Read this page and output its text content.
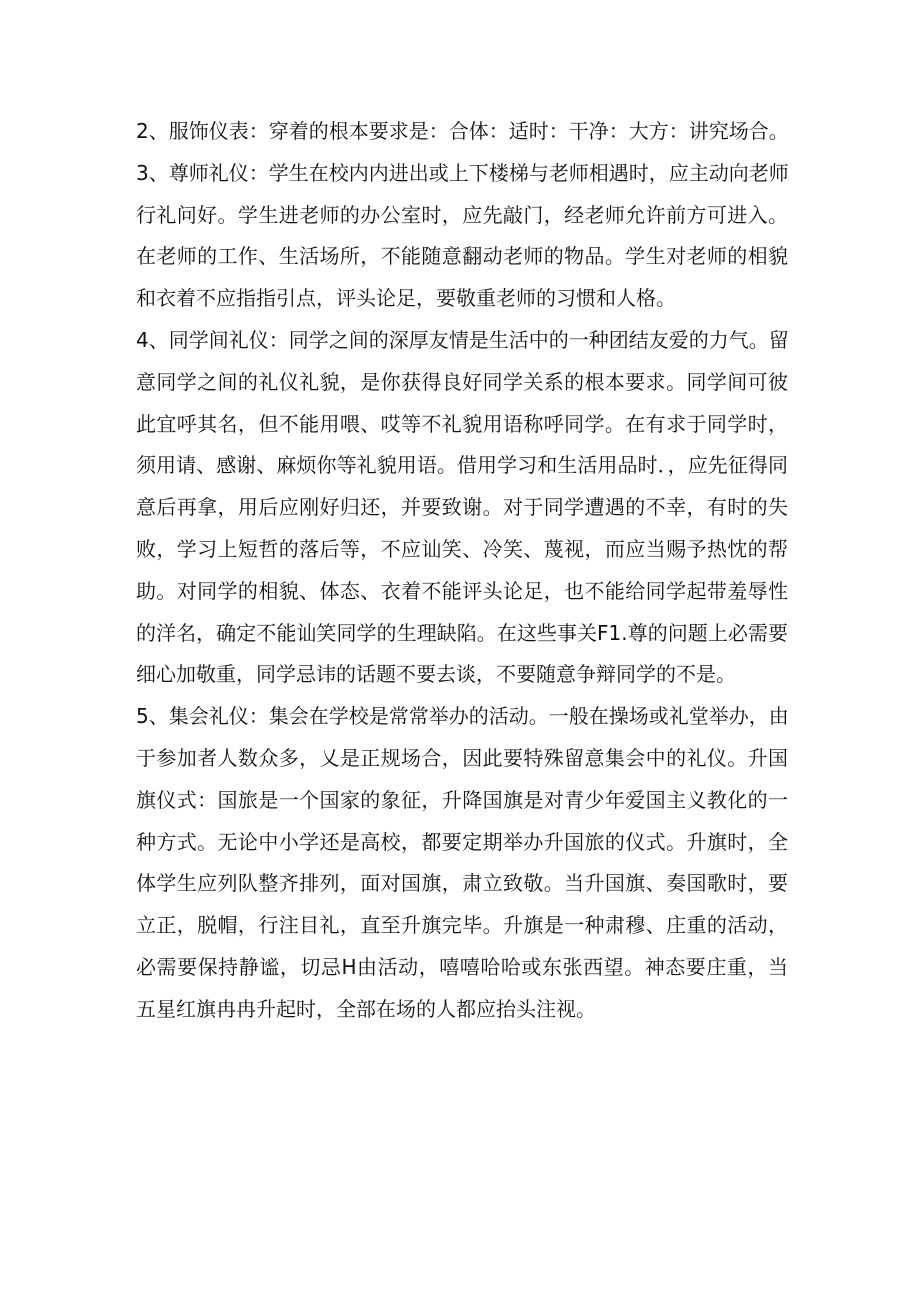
2、服饰仪表：穿着的根本要求是：合体：适时：干净：大方：讲究场合。
3、尊师礼仪：学生在校内内进出或上下楼梯与老师相遇时，应主动向老师
行礼问好。学生进老师的办公室时，应先敲门，经老师允许前方可进入。
在老师的工作、生活场所，不能随意翻动老师的物品。学生对老师的相貌
和衣着不应指指引点，评头论足，要敬重老师的习惯和人格。
4、同学间礼仪：同学之间的深厚友情是生活中的一种团结友爱的力气。留
意同学之间的礼仪礼貌，是你获得良好同学关系的根本要求。同学间可彼
此宜呼其名，但不能用喂、哎等不礼貌用语称呼同学。在有求于同学时，
须用请、感谢、麻烦你等礼貌用语。借用学习和生活用品时．，应先征得同
意后再拿，用后应刚好归还，并要致谢。对于同学遭遇的不幸，有时的失
败，学习上短哲的落后等，不应讪笑、冷笑、蔑视，而应当赐予热忱的帮
助。对同学的相貌、体态、衣着不能评头论足，也不能给同学起带羞辱性
的洋名，确定不能讪笑同学的生理缺陷。在这些事关F1.尊的问题上必需要
细心加敬重，同学忌讳的话题不要去谈，不要随意争辩同学的不是。
5、集会礼仪：集会在学校是常常举办的活动。一般在操场或礼堂举办，由
于参加者人数众多，乂是正规场合，因此要特殊留意集会中的礼仪。升国
旗仪式：国旅是一个国家的象征，升降国旗是对青少年爱国主义教化的一
种方式。无论中小学还是高校，都要定期举办升国旅的仪式。升旗时，全
体学生应列队整齐排列，面对国旗，肃立致敬。当升国旗、奏国歌时，要
立正，脱帽，行注目礼，直至升旗完毕。升旗是一种肃穆、庄重的活动，
必需要保持静谧，切忌H由活动，嘻嘻哈哈或东张西望。神态要庄重，当
五星红旗冉冉升起时，全部在场的人都应抬头注视。
